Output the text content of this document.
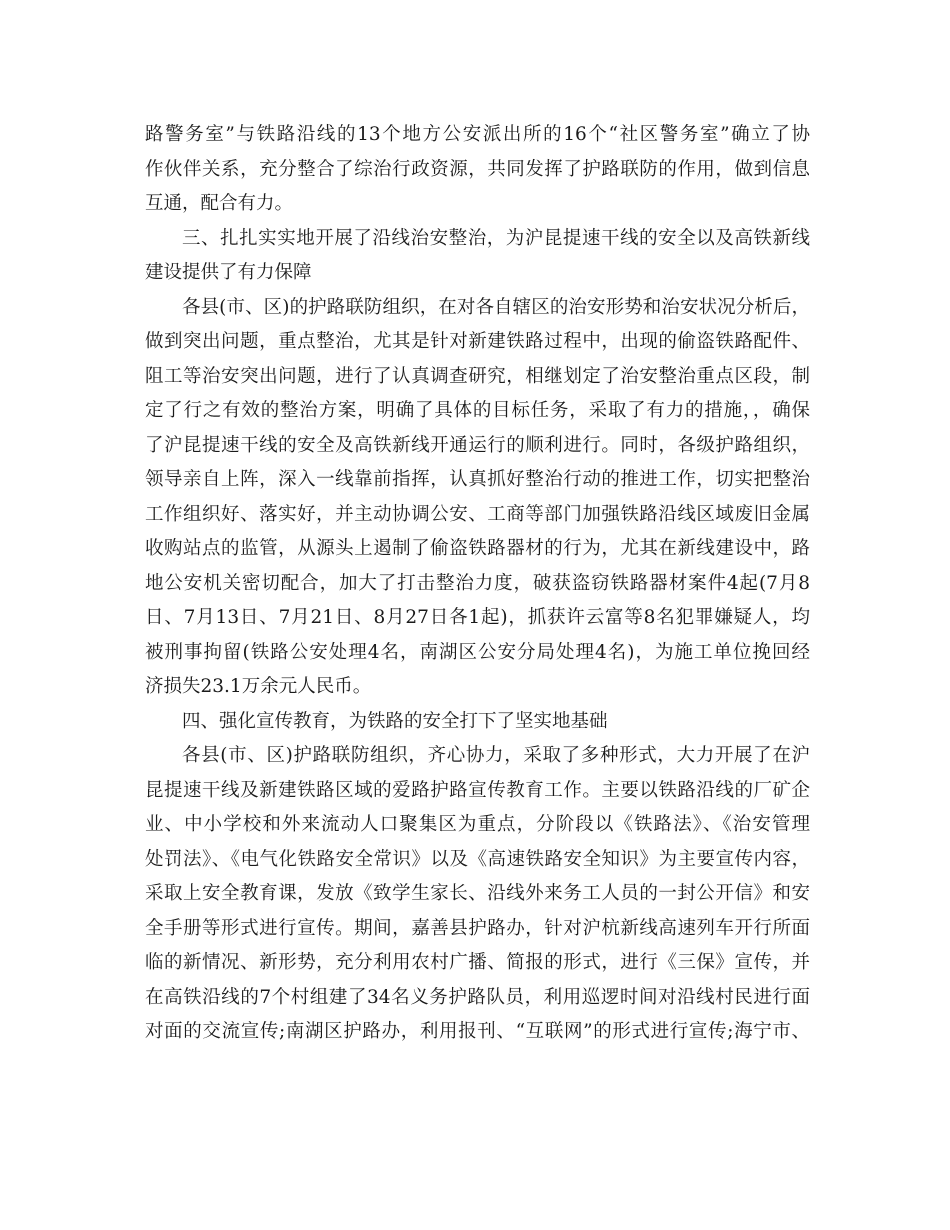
路警务室”与铁路沿线的13个地方公安派出所的16个“社区警务室”确立了协
作伙伴关系，充分整合了综治行政资源，共同发挥了护路联防的作用，做到信息
互通，配合有力。
三、扎扎实实地开展了沿线治安整治，为沪昆提速干线的安全以及高铁新线
建设提供了有力保障
各县(市、区)的护路联防组织，在对各自辖区的治安形势和治安状况分析后，
做到突出问题，重点整治，尤其是针对新建铁路过程中，出现的偷盗铁路配件、
阻工等治安突出问题，进行了认真调查研究，相继划定了治安整治重点区段，制
定了行之有效的整治方案，明确了具体的目标任务，采取了有力的措施，，确保
了沪昆提速干线的安全及高铁新线开通运行的顺利进行。同时，各级护路组织，
领导亲自上阵，深入一线靠前指挥，认真抓好整治行动的推进工作，切实把整治
工作组织好、落实好，并主动协调公安、工商等部门加强铁路沿线区域废旧金属
收购站点的监管，从源头上遏制了偷盗铁路器材的行为，尤其在新线建设中，路
地公安机关密切配合，加大了打击整治力度，破获盗窃铁路器材案件4起(7月8
日、7月13日、7月21日、8月27日各1起)，抓获许云富等8名犯罪嫌疑人，均
被刑事拘留(铁路公安处理4名，南湖区公安分局处理4名)，为施工单位挽回经
济损失23.1万余元人民币。
四、强化宣传教育，为铁路的安全打下了坚实地基础
各县(市、区)护路联防组织，齐心协力，采取了多种形式，大力开展了在沪
昆提速干线及新建铁路区域的爱路护路宣传教育工作。主要以铁路沿线的厂矿企
业、中小学校和外来流动人口聚集区为重点，分阶段以《铁路法》、《治安管理
处罚法》、《电气化铁路安全常识》以及《高速铁路安全知识》为主要宣传内容，
采取上安全教育课，发放《致学生家长、沿线外来务工人员的一封公开信》和安
全手册等形式进行宣传。期间，嘉善县护路办，针对沪杭新线高速列车开行所面
临的新情况、新形势，充分利用农村广播、简报的形式，进行《三保》宣传，并
在高铁沿线的7个村组建了34名义务护路队员，利用巡逻时间对沿线村民进行面
对面的交流宣传;南湖区护路办，利用报刊、“互联网”的形式进行宣传;海宁市、
